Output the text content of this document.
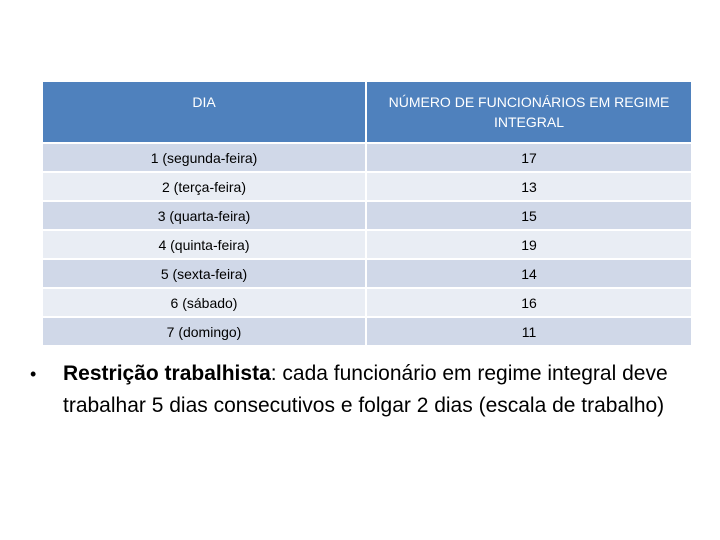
DIA	NÚMERO DE FUNCIONÁRIOS EM REGIME INTEGRAL
1 (segunda-feira)	17
2 (terça-feira)	13
3 (quarta-feira)	15
4 (quinta-feira)	19
5 (sexta-feira)	14
6 (sábado)	16
7 (domingo)	11
• Restrição trabalhista: cada funcionário em regime integral deve trabalhar 5 dias consecutivos e folgar 2 dias (escala de trabalho)
